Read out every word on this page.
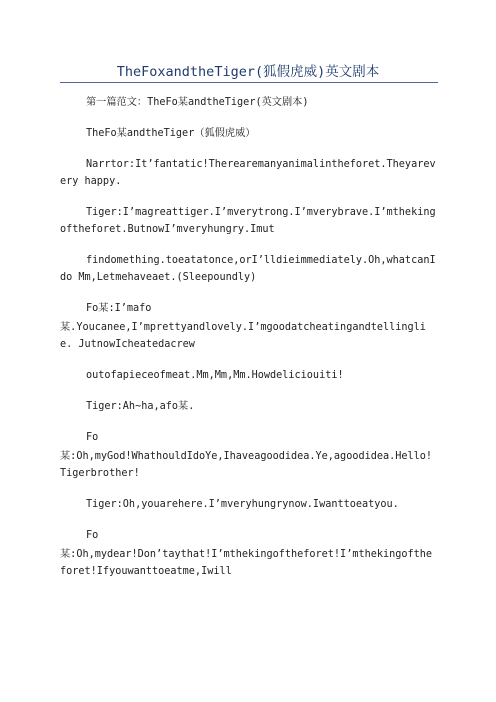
TheFoxandtheTiger(狐假虎威)英文剧本

第一篇范文：TheFo某andtheTiger(英文剧本)

TheFo某andtheTiger（狐假虎威）

Narrtor:It’fantatic!Therearemanyanimalintheforet.Theyarevery happy.

Tiger:I’magreattiger.I’mverytrong.I’mverybrave.I’mthekingoftheforet.ButnowI’mveryhungry.Imut

findomething.toeatatonce,orI’lldieimmediately.Oh,whatcanIdo Mm,Letmehaveaet.(Sleepoundly)

Fo某:I’mafo

某.Youcanee,I’mprettyandlovely.I’mgoodatcheatingandtellinglie. JutnowIcheatedacrew

outofapieceofmeat.Mm,Mm,Mm.Howdeliciouiti!

Tiger:Ah~ha,afo某.

Fo

某:Oh,myGod!WhathouldIdoYe,Ihaveagoodidea.Ye,agoodidea.Hello!Tigerbrother!

Tiger:Oh,youarehere.I’mveryhungrynow.Iwanttoeatyou.

Fo

某:Oh,mydear!Don’taythat!I’mthekingoftheforet!I’mthekingoftheforet!Ifyouwanttoeatme,Iwill
